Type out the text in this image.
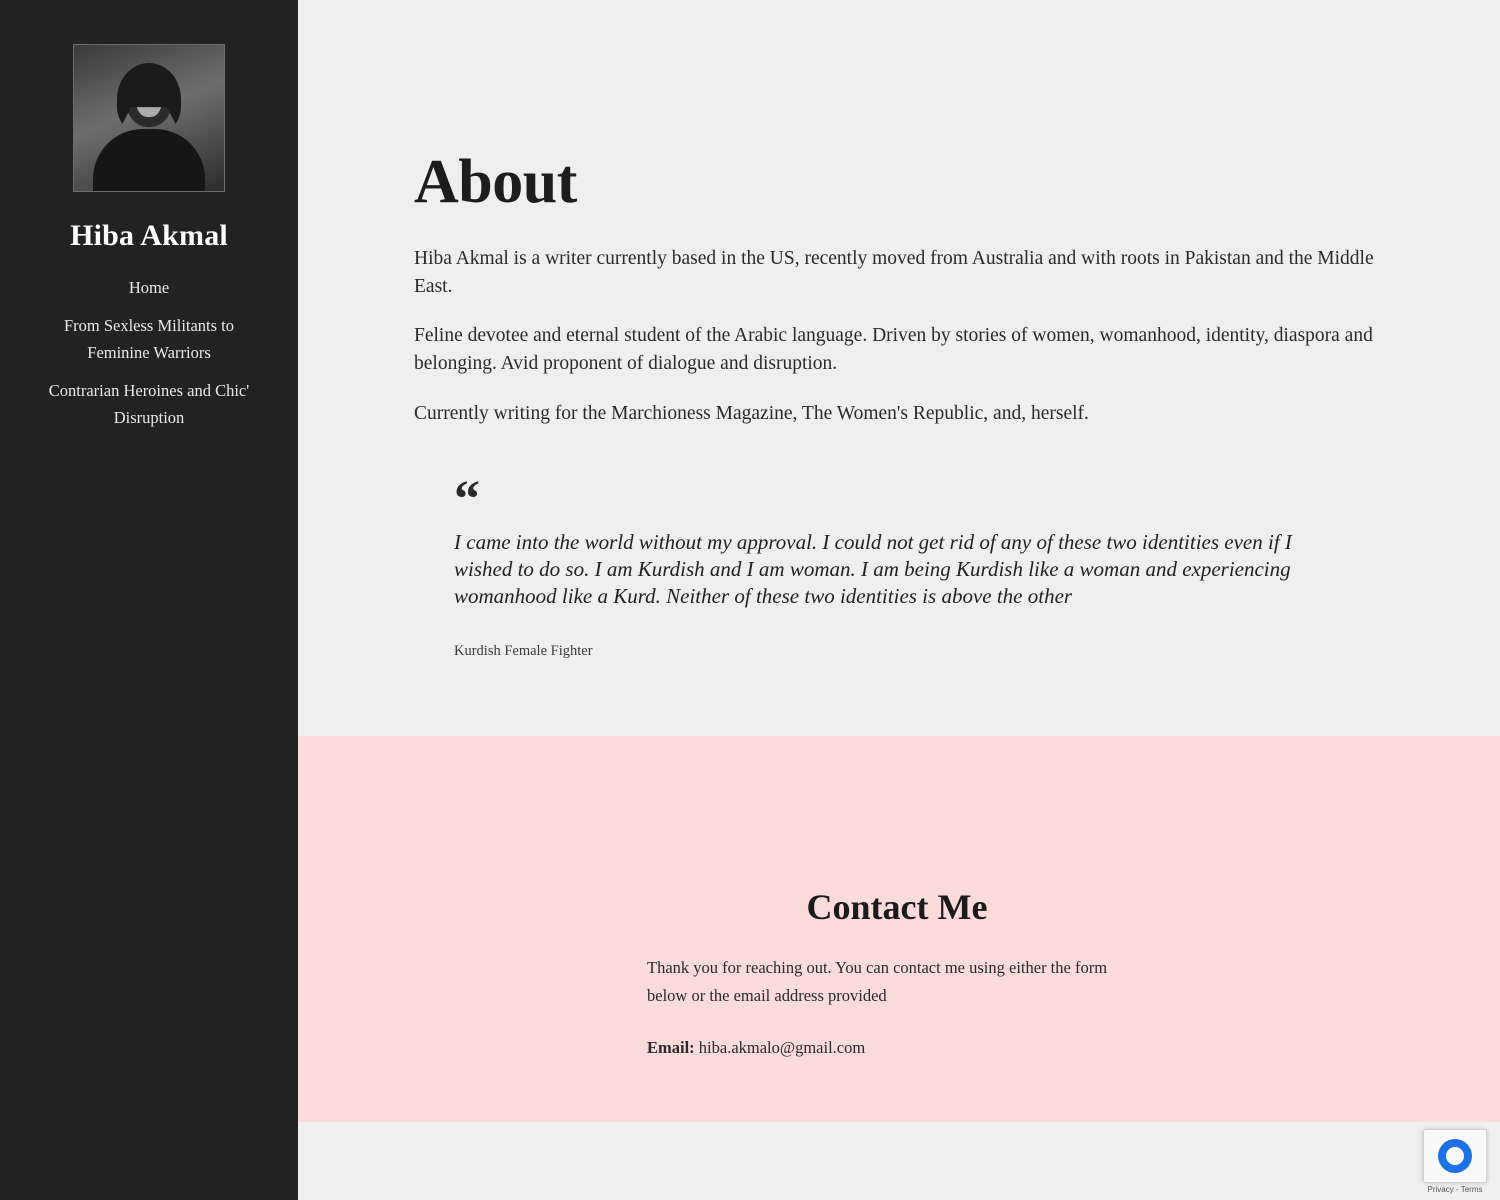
Hiba Akmal
Home
From Sexless Militants to Feminine Warriors
Contrarian Heroines and Chic' Disruption
About

Hiba Akmal is a writer currently based in the US, recently moved from Australia and with roots in Pakistan and the Middle East.

Feline devotee and eternal student of the Arabic language. Driven by stories of women, womanhood, identity, diaspora and belonging. Avid proponent of dialogue and disruption.

Currently writing for the Marchioness Magazine, The Women's Republic, and, herself.

“

I came into the world without my approval. I could not get rid of any of these two identities even if I wished to do so. I am Kurdish and I am woman. I am being Kurdish like a woman and experiencing womanhood like a Kurd. Neither of these two identities is above the other

Kurdish Female Fighter
Contact Me

Thank you for reaching out. You can contact me using either the form below or the email address provided

Email: hiba.akmalo@gmail.com

Privacy - Terms
